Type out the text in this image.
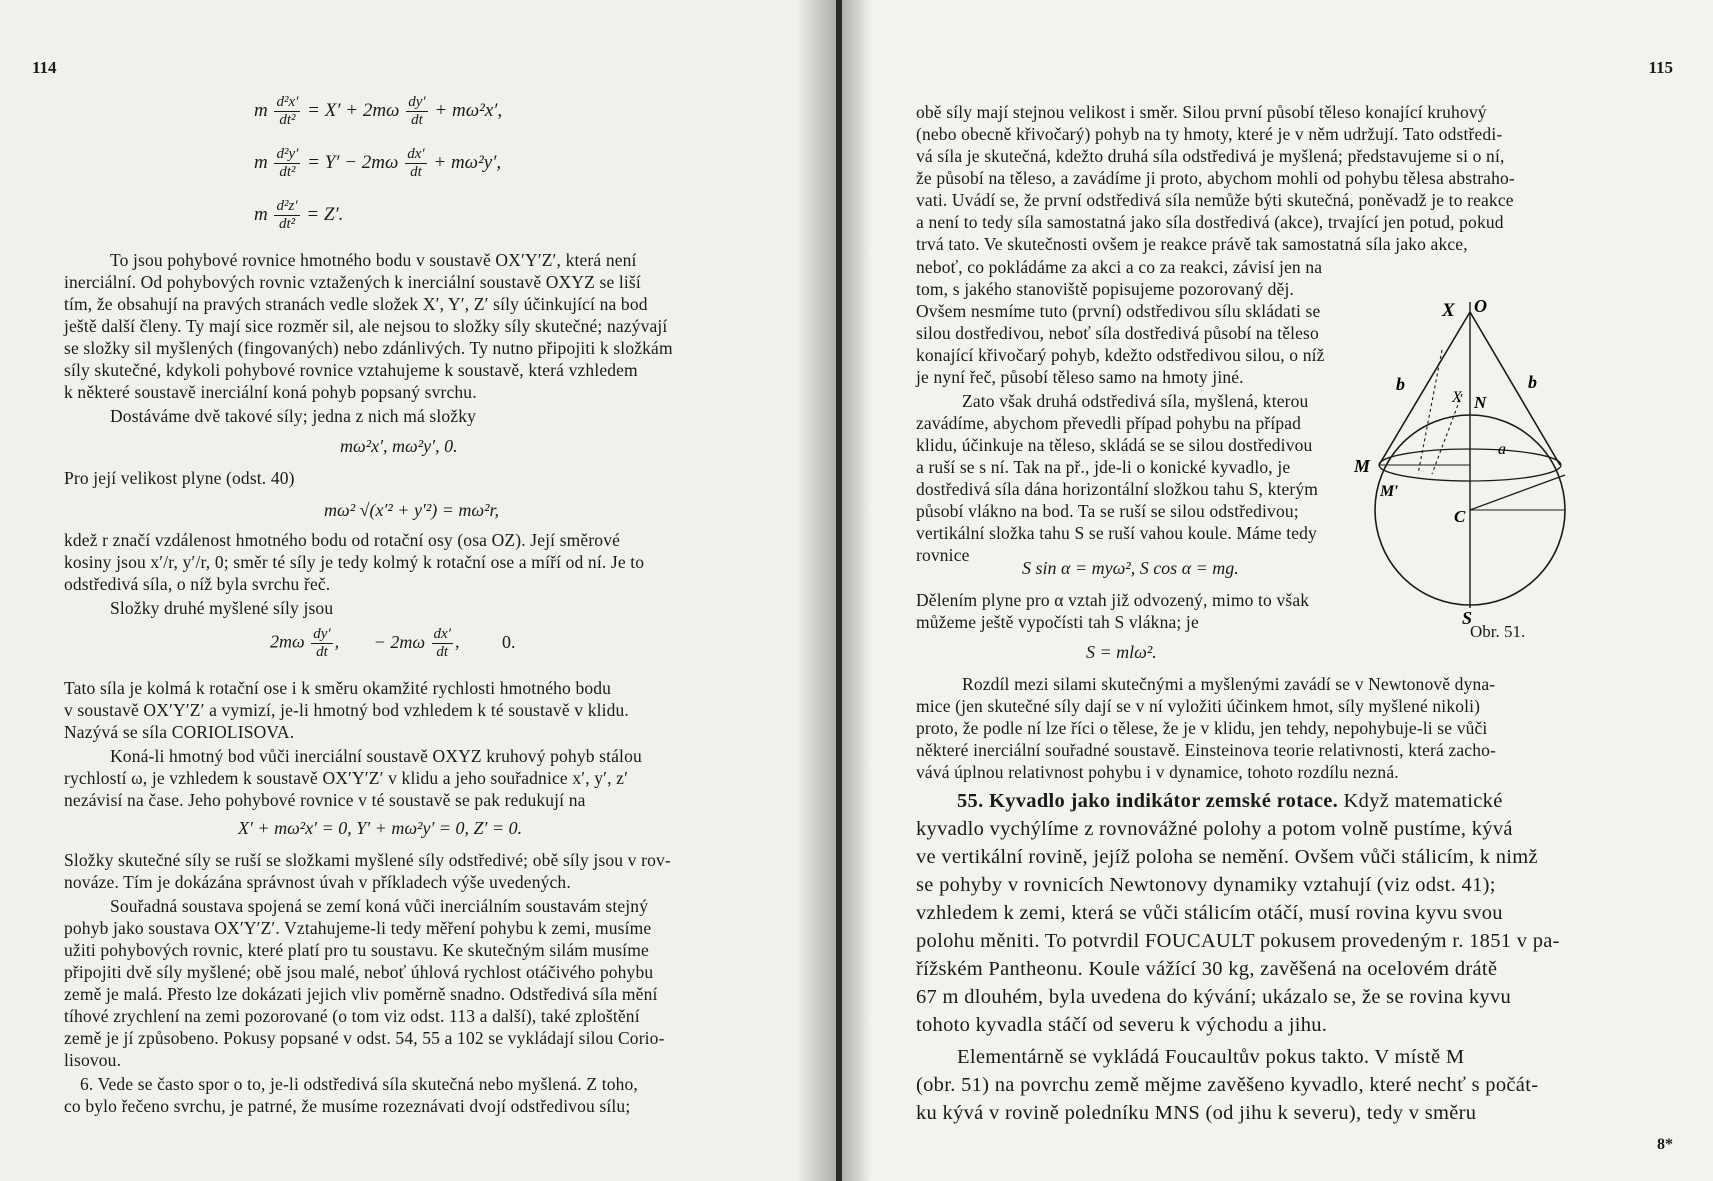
114
m $\frac{\text{d²x′}}{\text{dt²}} = X' + 2m\omega \frac{dy'}{dt} + m\omega^2x'$,
m $\frac{\text{d²y′}}{\text{dt²}} = Y' - 2m\omega \frac{dx'}{dt} + m\omega^2y'$,
m $\frac{\text{d²z′}}{\text{dt²}} = Z'$.
To jsou pohybové rovnice hmotného bodu v soustavě OX′Y′Z′, která není
inerciální. Od pohybových rovnic vztažených k inerciální soustavě OXYZ se liší
tím, že obsahují na pravých stranách vedle složek X′, Y′, Z′ síly účinkující na bod
ještě další členy. Ty mají sice rozměr sil, ale nejsou to složky síly skutečné; nazývají
se složky sil myšlených (fingovaných) nebo zdánlivých. Ty nutno připojiti k složkám
síly skutečné, kdykoli pohybové rovnice vztahujeme k soustavě, která vzhledem
k některé soustavě inerciální koná pohyb popsaný svrchu.
Dostáváme dvě takové síly; jedna z nich má složky
mω²x′, mω²y′, 0.
Pro její velikost plyne (odst. 40)
mω² √(x′² + y′²) = mω²r,
kdež r značí vzdálenost hmotného bodu od rotační osy (osa OZ). Její směrové
kosiny jsou x′/r, y′/r, 0; směr té síly je tedy kolmý k rotační ose a míří od ní. Je to
odstředivá síla, o níž byla svrchu řeč.
Složky druhé myšlené síly jsou
$2m\omega \frac{dy'}{dt}$ , − $2m\omega \frac{dx'}{dt}$ , 0.
Tato síla je kolmá k rotační ose i k směru okamžité rychlosti hmotného bodu
v soustavě OX′Y′Z′ a vymizí, je-li hmotný bod vzhledem k té soustavě v klidu.
Nazývá se síla CORIOLISOVA.
Koná-li hmotný bod vůči inerciální soustavě OXYZ kruhový pohyb stálou
rychlostí ω, je vzhledem k soustavě OX′Y′Z′ v klidu a jeho souřadnice x′, y′, z′
nezávisí na čase. Jeho pohybové rovnice v té soustavě se pak redukují na
X′ + mω²x′ = 0, Y′ + mω²y′ = 0, Z′ = 0.
Složky skutečné síly se ruší se složkami myšlené síly odstředivé; obě síly jsou v rov-
nováze. Tím je dokázána správnost úvah v příkladech výše uvedených.
Souřadná soustava spojená se zemí koná vůči inerciálním soustavám stejný
pohyb jako soustava OX′Y′Z′. Vztahujeme-li tedy měření pohybu k zemi, musíme
užiti pohybových rovnic, které platí pro tu soustavu. Ke skutečným silám musíme
připojiti dvě síly myšlené; obě jsou malé, neboť úhlová rychlost otáčivého pohybu
země je malá. Přesto lze dokázati jejich vliv poměrně snadno. Odstředivá síla mění
tíhové zrychlení na zemi pozorované (o tom viz odst. 113 a další), také zploštění
země je jí způsobeno. Pokusy popsané v odst. 54, 55 a 102 se vykládají silou Corio-
lisovou.
6. Vede se často spor o to, je-li odstředivá síla skutečná nebo myšlená. Z toho,
co bylo řečeno svrchu, je patrné, že musíme rozeznávati dvojí odstředivou sílu;
115
obě síly mají stejnou velikost i směr. Silou první působí těleso konající kruhový
(nebo obecně křivočarý) pohyb na ty hmoty, které je v něm udržují. Tato odstředi-
vá síla je skutečná, kdežto druhá síla odstředivá je myšlená; představujeme si o ní,
že působí na těleso, a zavádíme ji proto, abychom mohli od pohybu tělesa abstraho-
vati. Uvádí se, že první odstředivá síla nemůže býti skutečná, poněvadž je to reakce
a není to tedy síla samostatná jako síla dostředivá (akce), trvající jen potud, pokud
trvá tato. Ve skutečnosti ovšem je reakce právě tak samostatná síla jako akce,
neboť, co pokládáme za akci a co za reakci, závisí jen na
tom, s jakého stanoviště popisujeme pozorovaný děj.
Ovšem nesmíme tuto (první) odstředivou sílu skládati se
silou dostředivou, neboť síla dostředivá působí na těleso
konající křivočarý pohyb, kdežto odstředivou silou, o níž
je nyní řeč, působí těleso samo na hmoty jiné.
Zato však druhá odstředivá síla, myšlená, kterou
zavádíme, abychom převedli případ pohybu na případ
klidu, účinkuje na těleso, skládá se se silou dostředivou
a ruší se s ní. Tak na př., jde-li o konické kyvadlo, je
dostředivá síla dána horizontální složkou tahu S, kterým
působí vlákno na bod. Ta se ruší se silou odstředivou;
vertikální složka tahu S se ruší vahou koule. Máme tedy
rovnice
S sin α = myω², S cos α = mg.
Dělením plyne pro α vztah již odvozený, mimo to však
můžeme ještě vypočísti tah S vlákna; je
S = mlω².
X O
b	b
X N
M
M′
a
C
S
Obr. 51.
Rozdíl mezi silami skutečnými a myšlenými zavádí se v Newtonově dyna-
mice (jen skutečné síly dají se v ní vyložiti účinkem hmot, síly myšlené nikoli)
proto, že podle ní lze říci o tělese, že je v klidu, jen tehdy, nepohybuje-li se vůči
některé inerciální souřadné soustavě. Einsteinova teorie relativnosti, která zacho-
vává úplnou relativnost pohybu i v dynamice, tohoto rozdílu nezná.
55. Kyvadlo jako indikátor zemské rotace. Když matematické
kyvadlo vychýlíme z rovnovážné polohy a potom volně pustíme, kývá
ve vertikální rovině, jejíž poloha se nemění. Ovšem vůči stálicím, k nimž
se pohyby v rovnicích Newtonovy dynamiky vztahují (viz odst. 41);
vzhledem k zemi, která se vůči stálicím otáčí, musí rovina kyvu svou
polohu měniti. To potvrdil FOUCAULT pokusem provedeným r. 1851 v pa-
řížském Pantheonu. Koule vážící 30 kg, zavěšená na ocelovém drátě
67 m dlouhém, byla uvedena do kývání; ukázalo se, že se rovina kyvu
tohoto kyvadla stáčí od severu k východu a jihu.
Elementárně se vykládá Foucaultův pokus takto. V místě M
(obr. 51) na povrchu země mějme zavěšeno kyvadlo, které nechť s počát-
ku kývá v rovině poledníku MNS (od jihu k severu), tedy v směru
8*
